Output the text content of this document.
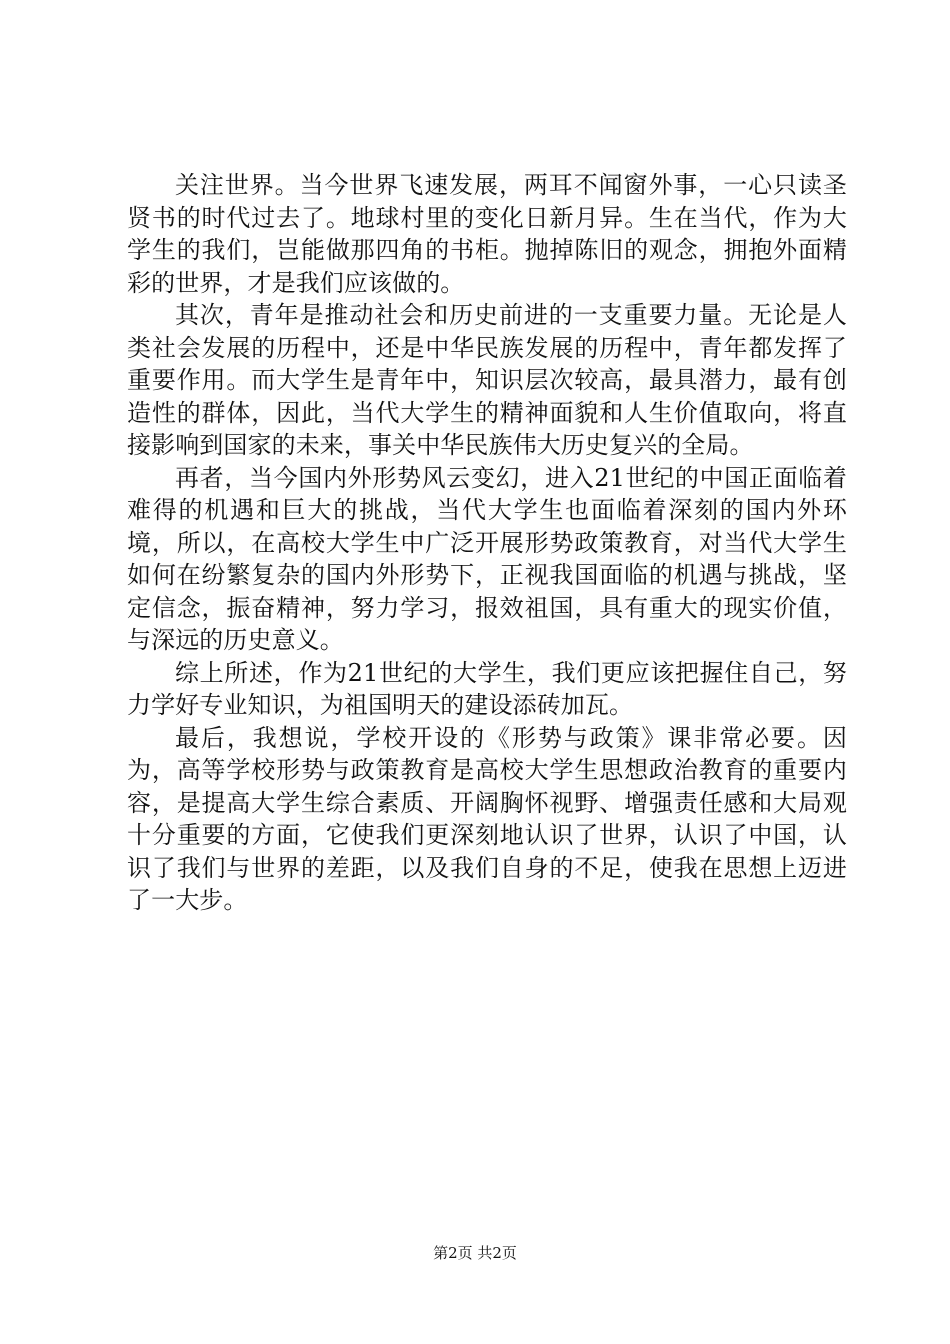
关注世界。当今世界飞速发展，两耳不闻窗外事，一心只读圣贤书的时代过去了。地球村里的变化日新月异。生在当代，作为大学生的我们，岂能做那四角的书柜。抛掉陈旧的观念，拥抱外面精彩的世界，才是我们应该做的。

其次，青年是推动社会和历史前进的一支重要力量。无论是人类社会发展的历程中，还是中华民族发展的历程中，青年都发挥了重要作用。而大学生是青年中，知识层次较高，最具潜力，最有创造性的群体，因此，当代大学生的精神面貌和人生价值取向，将直接影响到国家的未来，事关中华民族伟大历史复兴的全局。

再者，当今国内外形势风云变幻，进入21世纪的中国正面临着难得的机遇和巨大的挑战，当代大学生也面临着深刻的国内外环境，所以，在高校大学生中广泛开展形势政策教育，对当代大学生如何在纷繁复杂的国内外形势下，正视我国面临的机遇与挑战，坚定信念，振奋精神，努力学习，报效祖国，具有重大的现实价值，与深远的历史意义。

综上所述，作为21世纪的大学生，我们更应该把握住自己，努力学好专业知识，为祖国明天的建设添砖加瓦。

最后，我想说，学校开设的《形势与政策》课非常必要。因为，高等学校形势与政策教育是高校大学生思想政治教育的重要内容，是提高大学生综合素质、开阔胸怀视野、增强责任感和大局观十分重要的方面，它使我们更深刻地认识了世界，认识了中国，认识了我们与世界的差距，以及我们自身的不足，使我在思想上迈进了一大步。

第2页 共2页
